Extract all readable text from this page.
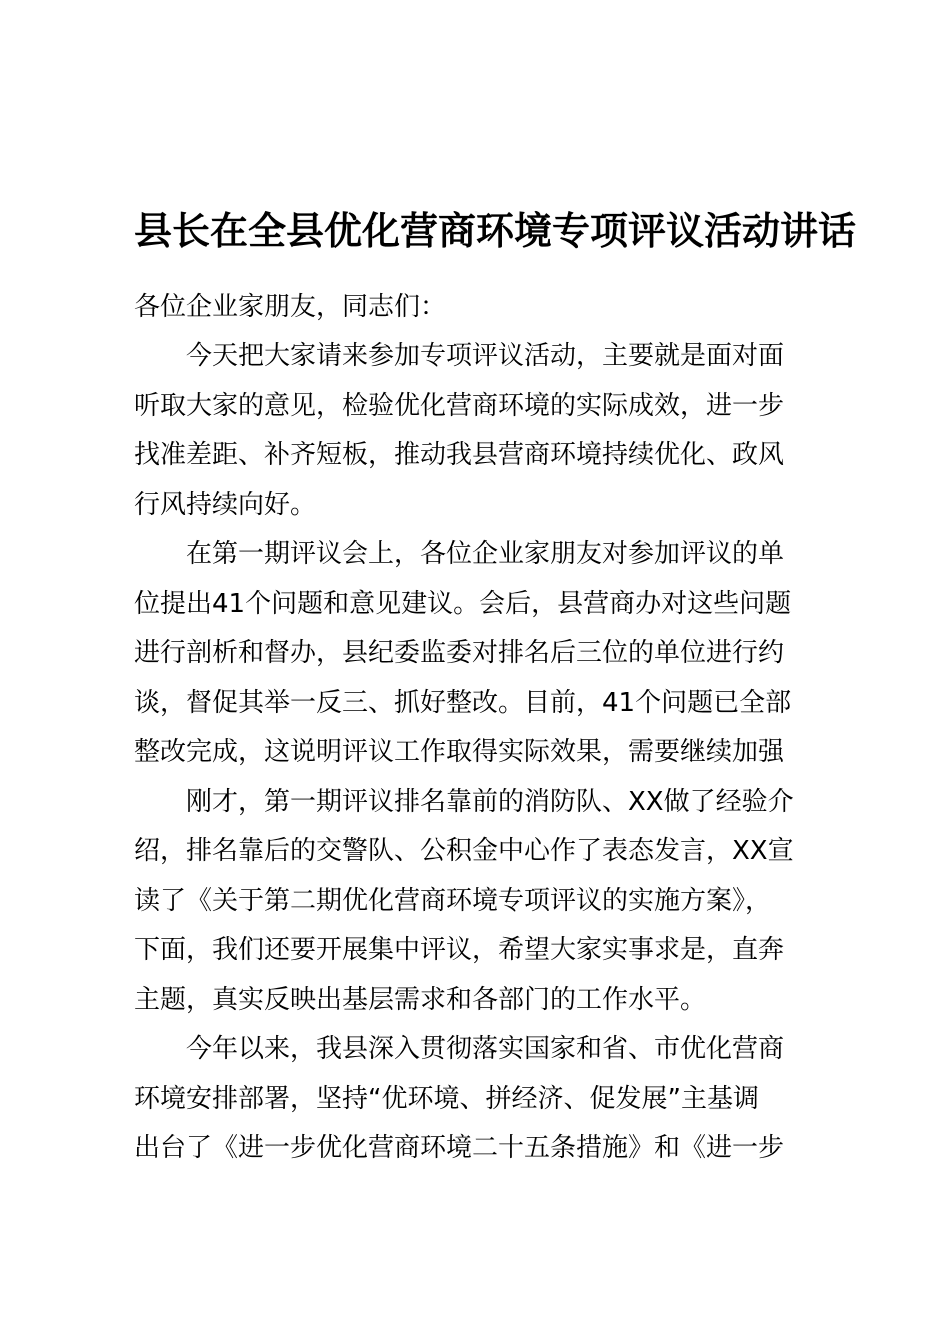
县长在全县优化营商环境专项评议活动讲话
各位企业家朋友，同志们：
今天把大家请来参加专项评议活动，主要就是面对面
听取大家的意见，检验优化营商环境的实际成效，进一步
找准差距、补齐短板，推动我县营商环境持续优化、政风
行风持续向好。
在第一期评议会上，各位企业家朋友对参加评议的单
位提出41个问题和意见建议。会后，县营商办对这些问题
进行剖析和督办，县纪委监委对排名后三位的单位进行约
谈，督促其举一反三、抓好整改。目前，41个问题已全部
整改完成，这说明评议工作取得实际效果，需要继续加强
刚才，第一期评议排名靠前的消防队、XX做了经验介
绍，排名靠后的交警队、公积金中心作了表态发言，XX宣
读了《关于第二期优化营商环境专项评议的实施方案》，
下面，我们还要开展集中评议，希望大家实事求是，直奔
主题，真实反映出基层需求和各部门的工作水平。
今年以来，我县深入贯彻落实国家和省、市优化营商
环境安排部署，坚持“优环境、拼经济、促发展”主基调
出台了《进一步优化营商环境二十五条措施》和《进一步
